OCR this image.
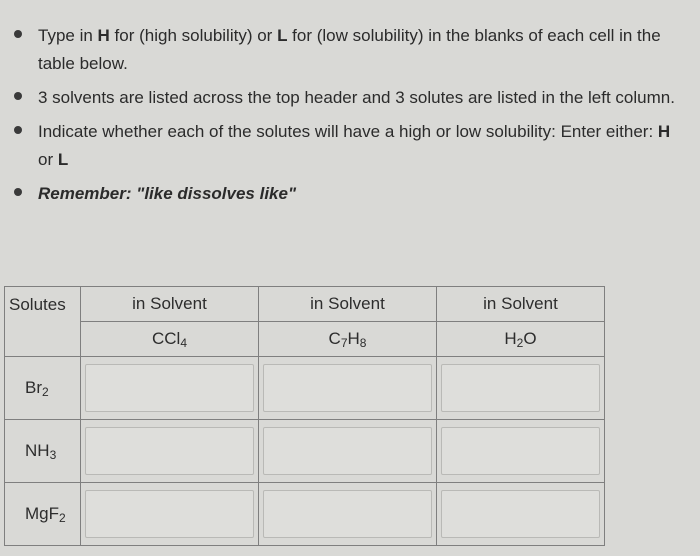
Type in H for (high solubility) or L for (low solubility) in the blanks of each cell in the table below.
3 solvents are listed across the top header and 3 solutes are listed in the left column.
Indicate whether each of the solutes will have a high or low solubility: Enter either: H or L
Remember: "like dissolves like"
Solutes	in Solvent	in Solvent	in Solvent
	CCl$_4$	$C_7H_8$	$H_2O$
$Br_2$	

$NH_3$	

MgF$_2$	
